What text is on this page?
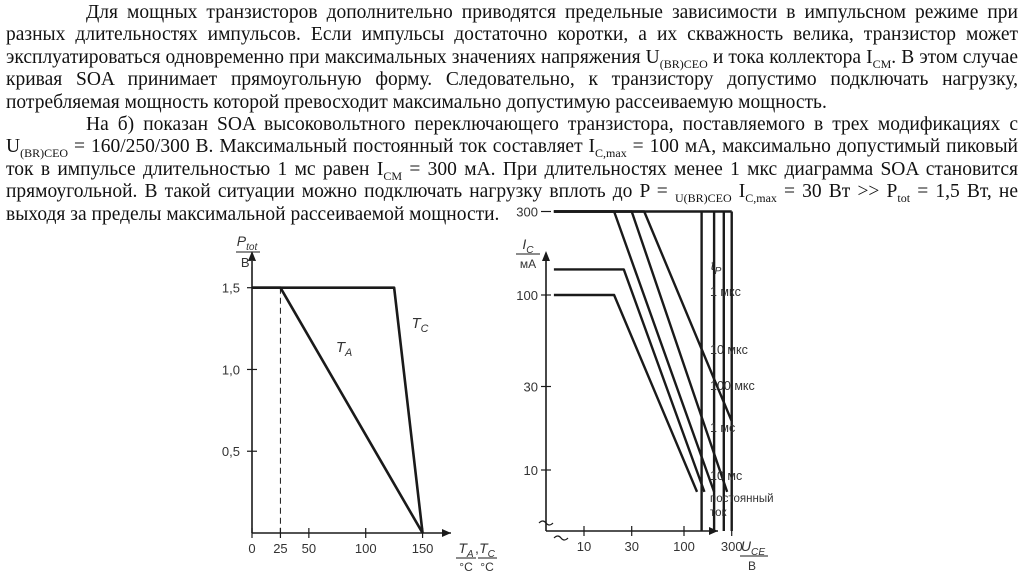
Для мощных транзисторов дополнительно приводятся предельные зависимости в импульсном режиме при разных длительностях импульсов. Если импульсы достаточно коротки, а их скважность велика, транзистор может эксплуатироваться одновременно при максимальных значениях напряжения $U_{(BR)CEO}$ и тока коллектора $I_{CM}$. В этом случае кривая SOA принимает прямоугольную форму. Следовательно, к транзистору допустимо подключать нагрузку, потребляемая мощность которой превосходит максимально допустимую рассеиваемую мощность.

На б) показан SOA высоковольтного переключающего транзистора, поставляемого в трех модификациях с $U_{(BR)CEO} = 160/250/300$ В. Максимальный постоянный ток составляет $I_{C,max} = 100$ мА, максимально допустимый пиковый ток в импульсе длительностью 1 мс равен $I_{CM} = 300$ мА. При длительностях менее 1 мкс диаграмма SOA становится прямоугольной. В такой ситуации можно подключать нагрузку вплоть до P = $_{U(BR)CEO}$ $I_{C,max} = 30$ Вт >> $P_{tot} = 1,5$ Вт, не выходя за пределы максимальной рассеиваемой мощности.

0,5
1,0
1,5
0 25 50	100	150
$P_{tot}$
Вт
$T_A$
°C
, $T_C$
°C
$T_A$
$T_C$
10
30
100
300
10	30	100 300
$I_C$
мА
$U_{CE}$
В
$t_P$
1 мкс
10 мкс
100 мкс
1 мс
10 мс
постоянный
ток
